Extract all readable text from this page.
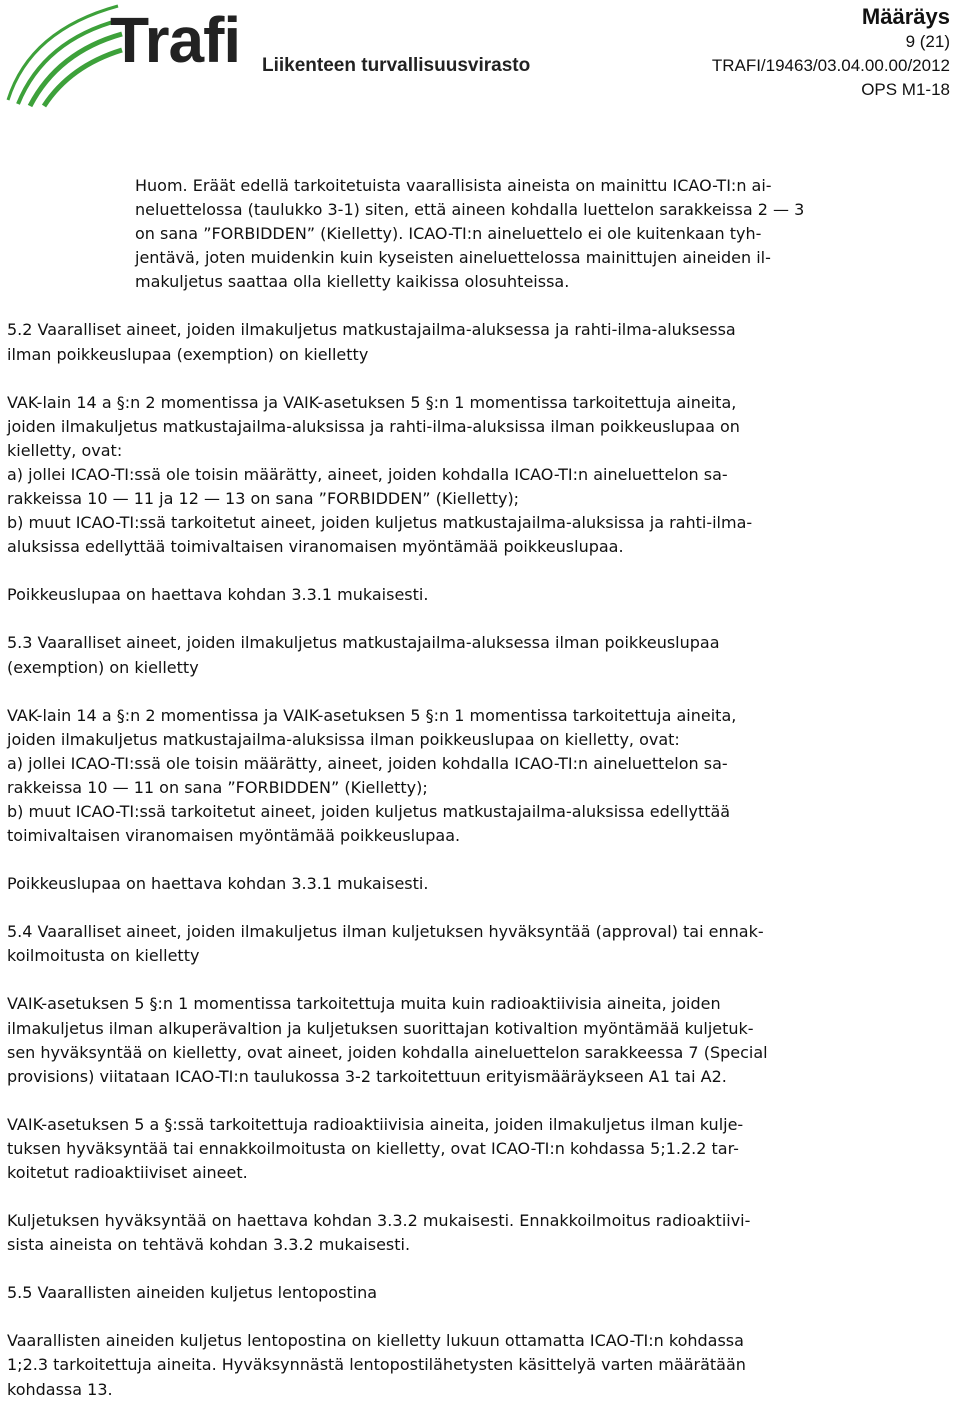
Trafi Liikenteen turvallisuusvirasto
Määräys
9 (21)
TRAFI/19463/03.04.00.00/2012
OPS M1-18

Huom. Eräät edellä tarkoitetuista vaarallisista aineista on mainittu ICAO-TI:n ai-

neluettelossa (taulukko 3-1) siten, että aineen kohdalla luettelon sarakkeissa 2 — 3

on sana ”FORBIDDEN” (Kielletty). ICAO-TI:n aineluettelo ei ole kuitenkaan tyh-

jentävä, joten muidenkin kuin kyseisten aineluettelossa mainittujen aineiden il-

makuljetus saattaa olla kielletty kaikissa olosuhteissa.

5.2 Vaaralliset aineet, joiden ilmakuljetus matkustajailma-aluksessa ja rahti-ilma-aluksessa

ilman poikkeuslupaa (exemption) on kielletty

VAK-lain 14 a §:n 2 momentissa ja VAIK-asetuksen 5 §:n 1 momentissa tarkoitettuja aineita,

joiden ilmakuljetus matkustajailma-aluksissa ja rahti-ilma-aluksissa ilman poikkeuslupaa on

kielletty, ovat:

a) jollei ICAO-TI:ssä ole toisin määrätty, aineet, joiden kohdalla ICAO-TI:n aineluettelon sa-

rakkeissa 10 — 11 ja 12 — 13 on sana ”FORBIDDEN” (Kielletty);

b) muut ICAO-TI:ssä tarkoitetut aineet, joiden kuljetus matkustajailma-aluksissa ja rahti-ilma-

aluksissa edellyttää toimivaltaisen viranomaisen myöntämää poikkeuslupaa.

Poikkeuslupaa on haettava kohdan 3.3.1 mukaisesti.

5.3 Vaaralliset aineet, joiden ilmakuljetus matkustajailma-aluksessa ilman poikkeuslupaa

(exemption) on kielletty

VAK-lain 14 a §:n 2 momentissa ja VAIK-asetuksen 5 §:n 1 momentissa tarkoitettuja aineita,

joiden ilmakuljetus matkustajailma-aluksissa ilman poikkeuslupaa on kielletty, ovat:

a) jollei ICAO-TI:ssä ole toisin määrätty, aineet, joiden kohdalla ICAO-TI:n aineluettelon sa-

rakkeissa 10 — 11 on sana ”FORBIDDEN” (Kielletty);

b) muut ICAO-TI:ssä tarkoitetut aineet, joiden kuljetus matkustajailma-aluksissa edellyttää

toimivaltaisen viranomaisen myöntämää poikkeuslupaa.

Poikkeuslupaa on haettava kohdan 3.3.1 mukaisesti.

5.4 Vaaralliset aineet, joiden ilmakuljetus ilman kuljetuksen hyväksyntää (approval) tai ennak-

koilmoitusta on kielletty

VAIK-asetuksen 5 §:n 1 momentissa tarkoitettuja muita kuin radioaktiivisia aineita, joiden

ilmakuljetus ilman alkuperävaltion ja kuljetuksen suorittajan kotivaltion myöntämää kuljetuk-

sen hyväksyntää on kielletty, ovat aineet, joiden kohdalla aineluettelon sarakkeessa 7 (Special

provisions) viitataan ICAO-TI:n taulukossa 3-2 tarkoitettuun erityismääräykseen A1 tai A2.

VAIK-asetuksen 5 a §:ssä tarkoitettuja radioaktiivisia aineita, joiden ilmakuljetus ilman kulje-

tuksen hyväksyntää tai ennakkoilmoitusta on kielletty, ovat ICAO-TI:n kohdassa 5;1.2.2 tar-

koitetut radioaktiiviset aineet.

Kuljetuksen hyväksyntää on haettava kohdan 3.3.2 mukaisesti. Ennakkoilmoitus radioaktiivi-

sista aineista on tehtävä kohdan 3.3.2 mukaisesti.

5.5 Vaarallisten aineiden kuljetus lentopostina

Vaarallisten aineiden kuljetus lentopostina on kielletty lukuun ottamatta ICAO-TI:n kohdassa

1;2.3 tarkoitettuja aineita. Hyväksynnästä lentopostilähetysten käsittelyä varten määrätään

kohdassa 13.
